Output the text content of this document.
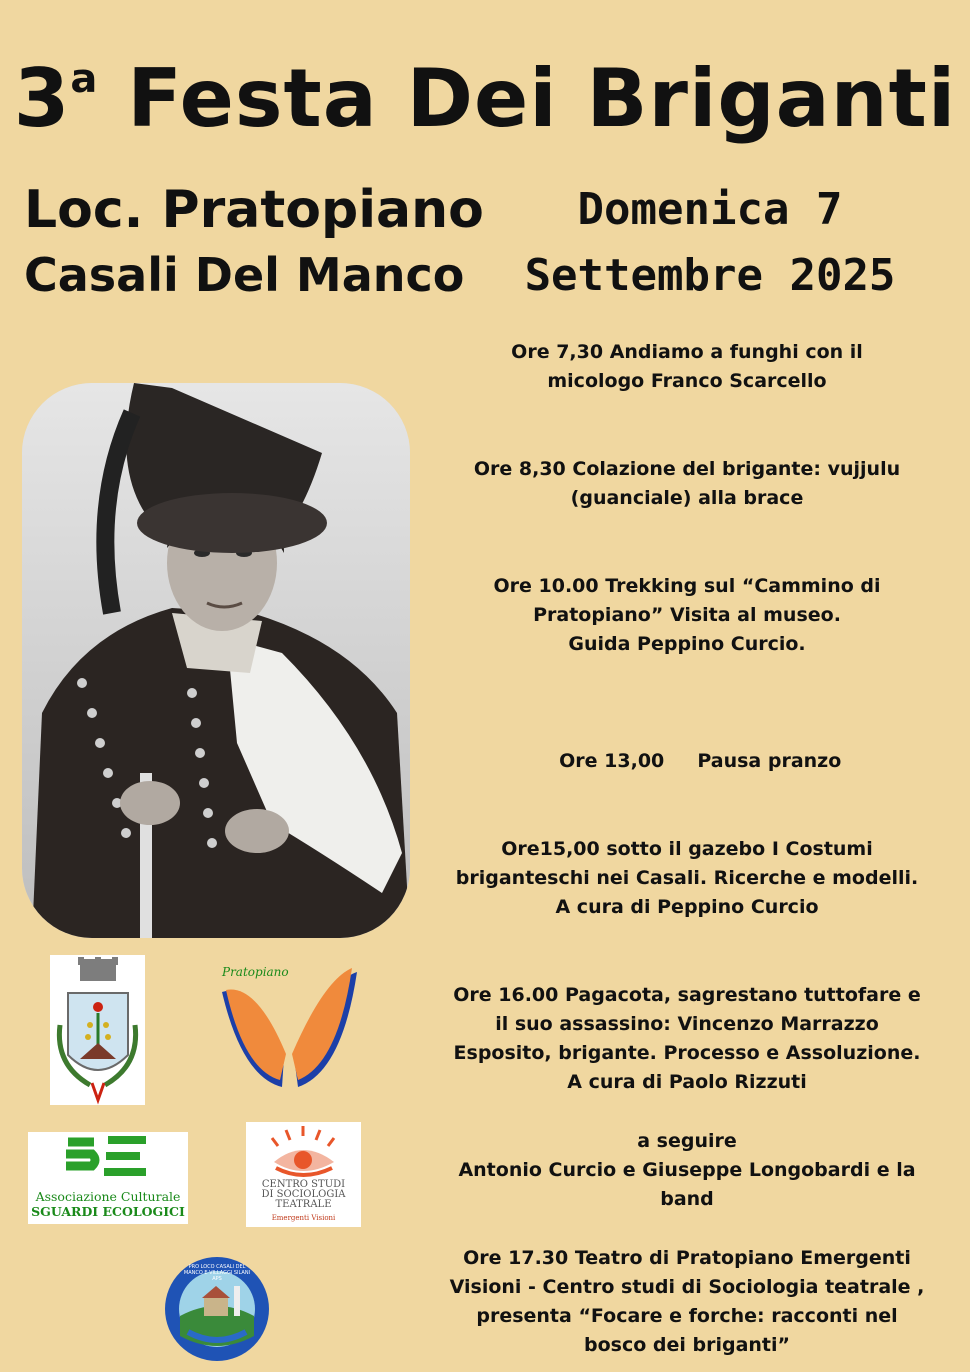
3$^a$ Festa Dei Briganti
Loc. Pratopiano
Casali Del Manco
Domenica 7
Settembre 2025

Ore 7,30 Andiamo a funghi con il
micologo Franco Scarcello

Ore 8,30 Colazione del brigante: vujjulu
(guanciale) alla brace

Ore 10.00 Trekking sul “Cammino di
Pratopiano” Visita al museo.
Guida Peppino Curcio.

Ore 13,00     Pausa pranzo

Ore15,00 sotto il gazebo I Costumi
briganteschi nei Casali. Ricerche e modelli.
A cura di Peppino Curcio

Ore 16.00 Pagacota, sagrestano tuttofare e
il suo assassino: Vincenzo Marrazzo
Esposito, brigante. Processo e Assoluzione.
A cura di Paolo Rizzuti

a seguire
Antonio Curcio e Giuseppe Longobardi e la
band

Ore 17.30 Teatro di Pratopiano Emergenti
Visioni - Centro studi di Sociologia teatrale ,
presenta “Focare e forche: racconti nel
bosco dei briganti”

Pratopiano
Associazione Culturale
SGUARDI ECOLOGICI
CENTRO STUDI
DI SOCIOLOGIA
TEATRALE
Emergenti Visioni
PRO LOCO CASALI DEL MANCO E VILLAGGI SILANI APS
